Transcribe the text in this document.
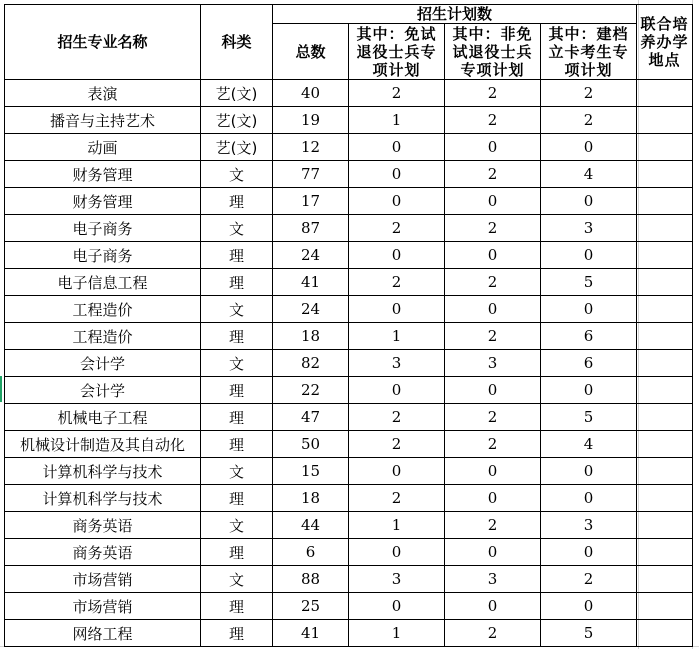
招生专业名称	科类	招生计划数				联合培养办学地点
		总数	其中：免试退役士兵专项计划	其中：非免试退役士兵专项计划	其中：建档立卡考生专项计划	
表演	艺(文)	40	2	2	2	
播音与主持艺术	艺(文)	19	1	2	2	
动画	艺(文)	12	0	0	0	
财务管理	文	77	0	2	4	
财务管理	理	17	0	0	0	
电子商务	文	87	2	2	3	
电子商务	理	24	0	0	0	
电子信息工程	理	41	2	2	5	
工程造价	文	24	0	0	0	
工程造价	理	18	1	2	6	
会计学	文	82	3	3	6	
会计学	理	22	0	0	0	
机械电子工程	理	47	2	2	5	
机械设计制造及其自动化	理	50	2	2	4	
计算机科学与技术	文	15	0	0	0	
计算机科学与技术	理	18	2	0	0	
商务英语	文	44	1	2	3	
商务英语	理	6	0	0	0	
市场营销	文	88	3	3	2	
市场营销	理	25	0	0	0	
网络工程	理	41	1	2	5	
